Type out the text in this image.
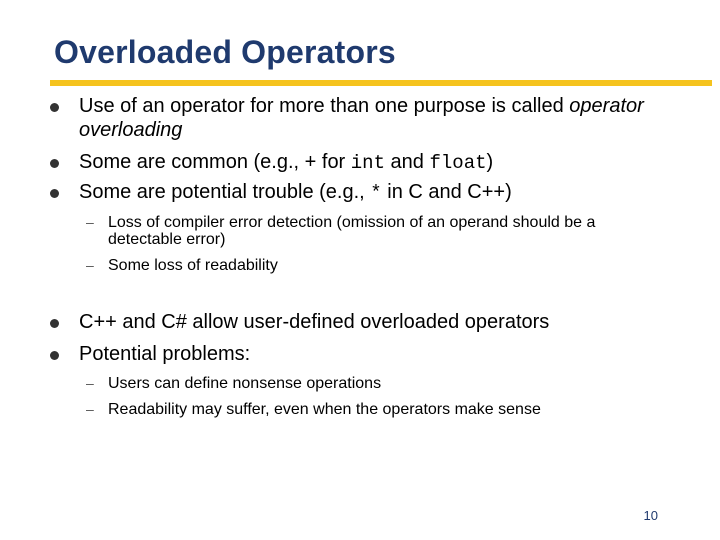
Overloaded Operators
Use of an operator for more than one purpose is called operator overloading
Some are common (e.g., + for int and float)
Some are potential trouble (e.g., * in C and C++)
– Loss of compiler error detection (omission of an operand should be a detectable error)
– Some loss of readability
C++ and C# allow user-defined overloaded operators
Potential problems:
– Users can define nonsense operations
– Readability may suffer, even when the operators make sense
10
